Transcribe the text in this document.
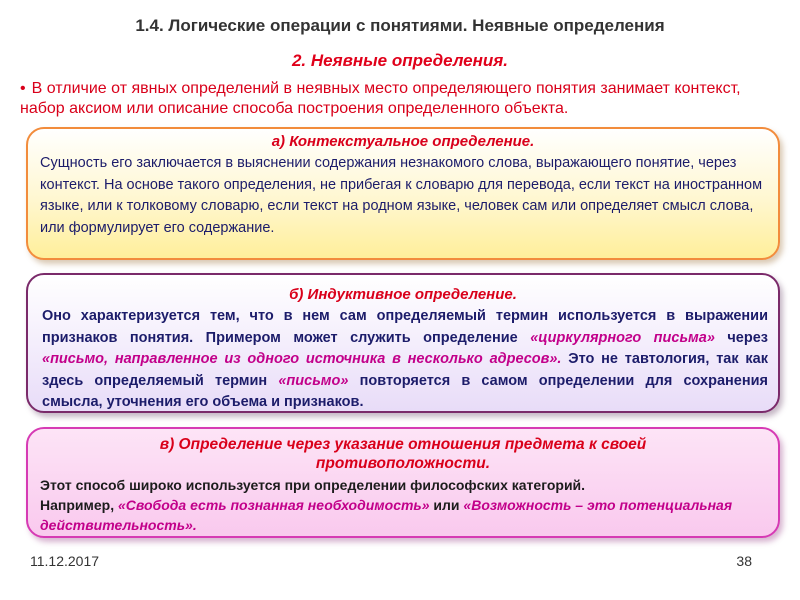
1.4. Логические операции с понятиями. Неявные определения
2. Неявные определения.
• В отличие от явных определений в неявных место определяющего понятия занимает контекст, набор аксиом или описание способа построения определенного объекта.
а) Контекстуальное определение.
Сущность его заключается в выяснении содержания незнакомого слова, выражающего понятие, через контекст. На основе такого определения, не прибегая к словарю для перевода, если текст на иностранном языке, или к толковому словарю, если текст на родном языке, человек сам или определяет смысл слова, или формулирует его содержание.
б) Индуктивное определение.
Оно характеризуется тем, что в нем сам определяемый термин используется в выражении признаков понятия. Примером может служить определение «циркулярного письма» через «письмо, направленное из одного источника в несколько адресов». Это не тавтология, так как здесь определяемый термин «письмо» повторяется в самом определении для сохранения смысла, уточнения его объема и признаков.
в) Определение через указание отношения предмета к своей противоположности.
Этот способ широко используется при определении философских категорий.
Например, «Свобода есть познанная необходимость» или «Возможность – это потенциальная действительность».
11.12.2017	38
